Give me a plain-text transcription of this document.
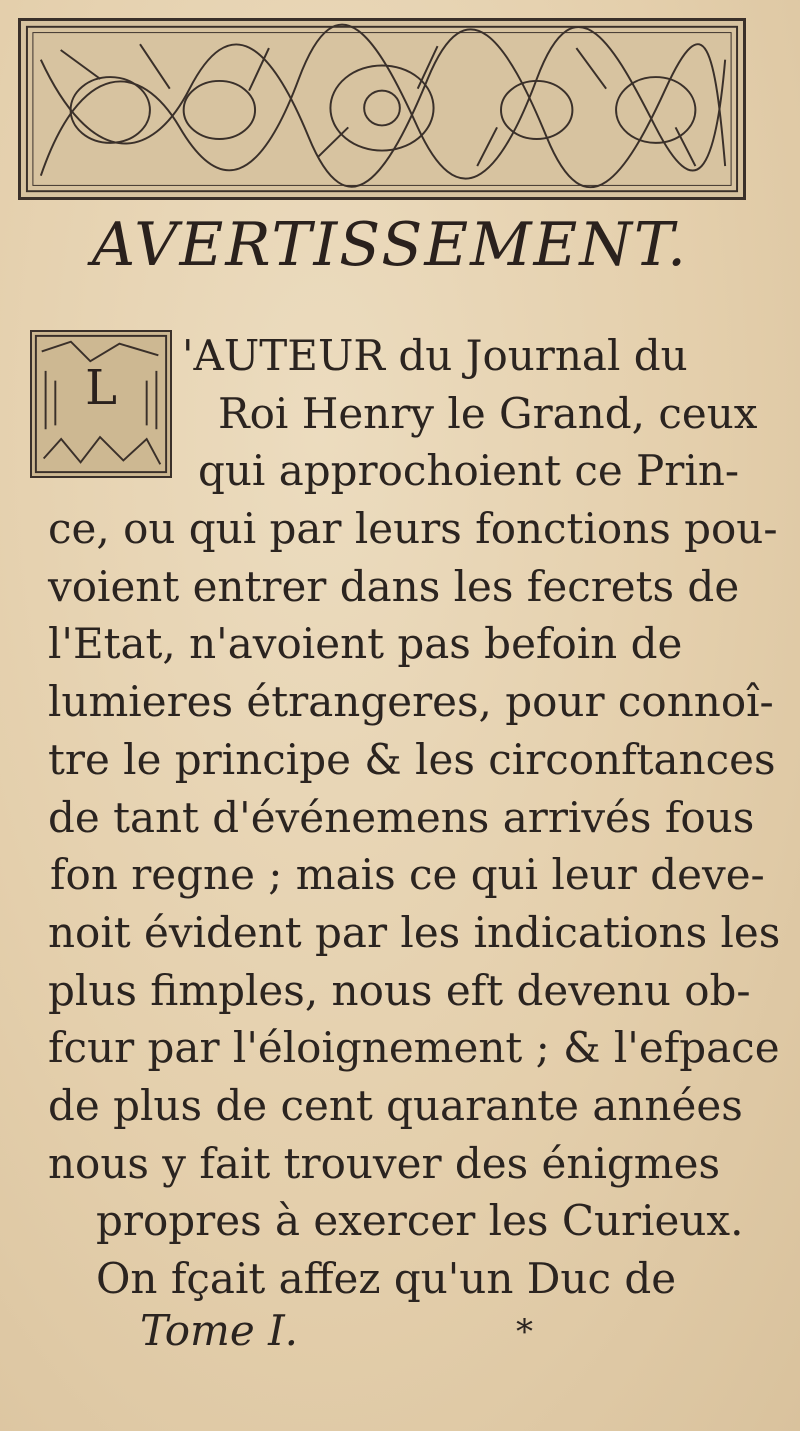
AVERTISSEMENT.
L
'AUTEUR du Journal du
Roi Henry le Grand, ceux
qui approchoient ce Prin-
ce, ou qui par leurs fonctions pou-
voient entrer dans les fecrets de
l'Etat, n'avoient pas befoin de
lumieres étrangeres, pour connoî-
tre le principe & les circonftances
de tant d'événemens arrivés fous
fon regne ; mais ce qui leur deve-
noit évident par les indications les
plus fimples, nous eft devenu ob-
fcur par l'éloignement ; & l'efpace
de plus de cent quarante années
nous y fait trouver des énigmes
propres à exercer les Curieux.
On fçait affez qu'un Duc de
Tome I.	*
